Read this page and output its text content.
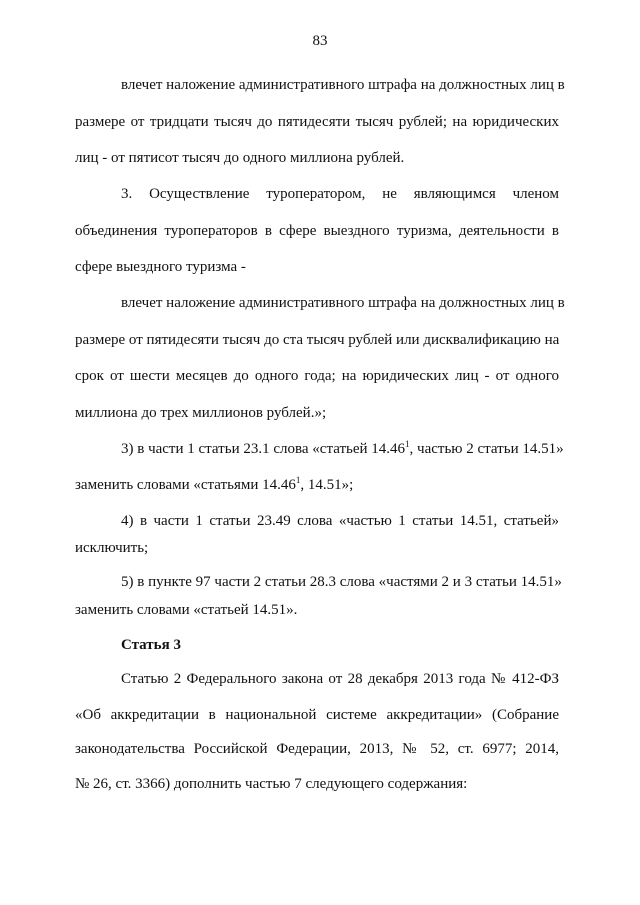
83
влечет наложение административного штрафа на должностных лиц в
размере от тридцати тысяч до пятидесяти тысяч рублей; на юридических
лиц - от пятисот тысяч до одного миллиона рублей.
3. Осуществление туроператором, не являющимся членом
объединения туроператоров в сфере выездного туризма, деятельности в
сфере выездного туризма -
влечет наложение административного штрафа на должностных лиц в
размере от пятидесяти тысяч до ста тысяч рублей или дисквалификацию на
срок от шести месяцев до одного года; на юридических лиц - от одного
миллиона до трех миллионов рублей.»;
3) в части 1 статьи 23.1 слова «статьей 14.46$^1$, частью 2 статьи 14.51»
заменить словами «статьями 14.46$^1$, 14.51»;
4) в части 1 статьи 23.49 слова «частью 1 статьи 14.51, статьей»
исключить;
5) в пункте 97 части 2 статьи 28.3 слова «частями 2 и 3 статьи 14.51»
заменить словами «статьей 14.51».
Статья 3
Статью 2 Федерального закона от 28 декабря 2013 года № 412-ФЗ
«Об аккредитации в национальной системе аккредитации» (Собрание
законодательства Российской Федерации, 2013, № 52, ст. 6977; 2014,
№ 26, ст. 3366) дополнить частью 7 следующего содержания:
